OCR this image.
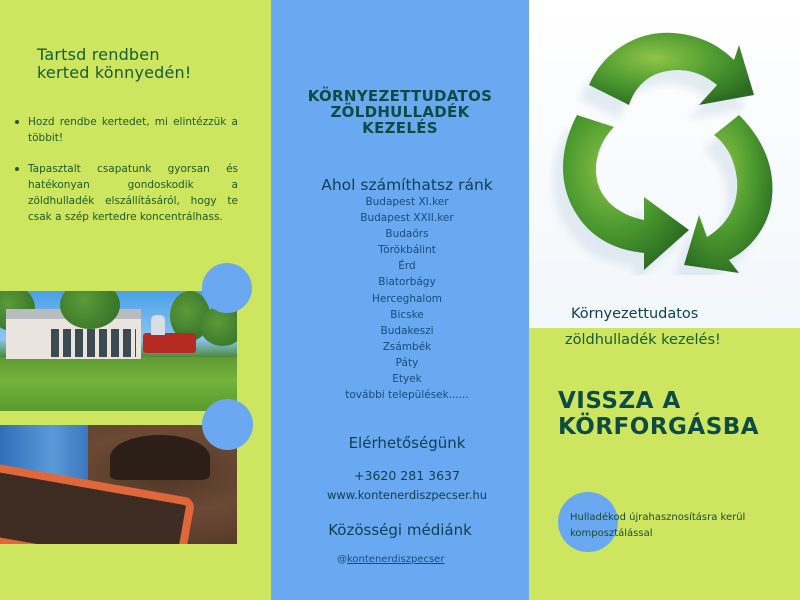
Tartsd rendben
kerted könnyedén!
Hozd rendbe kertedet, mi elintézzük a többit!
Tapasztalt csapatunk gyorsan és hatékonyan gondoskodik a zöldhulladék elszállításáról, hogy te csak a szép kertedre koncentrálhass.
KÖRNYEZETTUDATOS
ZÖLDHULLADÉK
KEZELÉS
Ahol számíthatsz ránk
Budapest XI.ker
Budapest XXII.ker
Budaörs
Törökbálint
Érd
Biatorbágy
Herceghalom
Bicske
Budakeszi
Zsámbék
Páty
Etyek
további települések......
Elérhetőségünk
+3620 281 3637
www.kontenerdiszpecser.hu
Közösségi médiánk
@kontenerdiszpecser
Környezettudatos
zöldhulladék kezelés!
VISSZA A
KÖRFORGÁSBA
Hulladékod újrahasznosításra kerül komposztálással
